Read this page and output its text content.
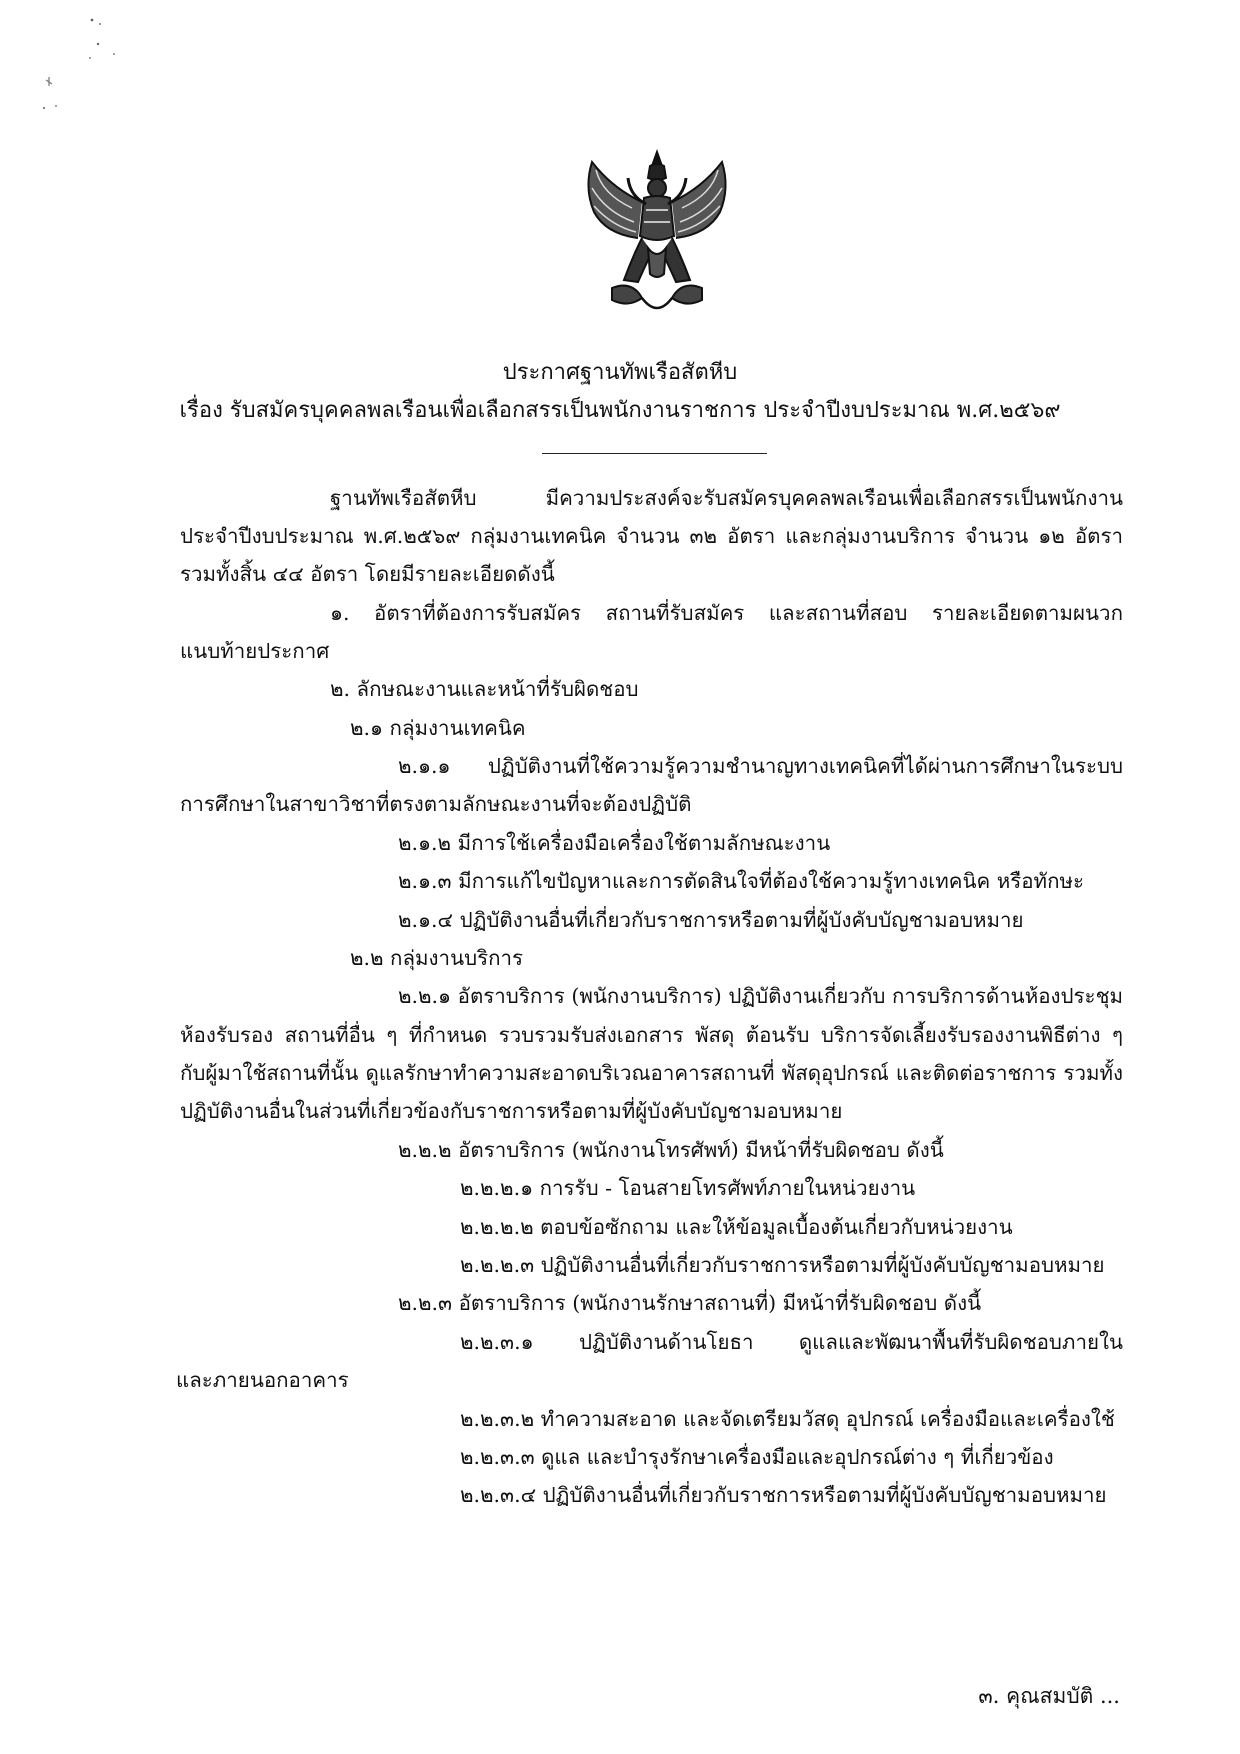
ประกาศฐานทัพเรือสัตหีบ
เรื่อง รับสมัครบุคคลพลเรือนเพื่อเลือกสรรเป็นพนักงานราชการ ประจำปีงบประมาณ พ.ศ.๒๕๖๙
ฐานทัพเรือสัตหีบ มีความประสงค์จะรับสมัครบุคคลพลเรือนเพื่อเลือกสรรเป็นพนักงาน
ประจำปีงบประมาณ พ.ศ.๒๕๖๙ กลุ่มงานเทคนิค จำนวน ๓๒ อัตรา และกลุ่มงานบริการ จำนวน ๑๒ อัตรา
รวมทั้งสิ้น ๔๔ อัตรา โดยมีรายละเอียดดังนี้
๑. อัตราที่ต้องการรับสมัคร สถานที่รับสมัคร และสถานที่สอบ รายละเอียดตามผนวก
แนบท้ายประกาศ
๒. ลักษณะงานและหน้าที่รับผิดชอบ
๒.๑ กลุ่มงานเทคนิค
๒.๑.๑ ปฏิบัติงานที่ใช้ความรู้ความชำนาญทางเทคนิคที่ได้ผ่านการศึกษาในระบบ
การศึกษาในสาขาวิชาที่ตรงตามลักษณะงานที่จะต้องปฏิบัติ
๒.๑.๒ มีการใช้เครื่องมือเครื่องใช้ตามลักษณะงาน
๒.๑.๓ มีการแก้ไขปัญหาและการตัดสินใจที่ต้องใช้ความรู้ทางเทคนิค หรือทักษะ
๒.๑.๔ ปฏิบัติงานอื่นที่เกี่ยวกับราชการหรือตามที่ผู้บังคับบัญชามอบหมาย
๒.๒ กลุ่มงานบริการ
๒.๒.๑ อัตราบริการ (พนักงานบริการ) ปฏิบัติงานเกี่ยวกับ การบริการด้านห้องประชุม
ห้องรับรอง สถานที่อื่น ๆ ที่กำหนด รวบรวมรับส่งเอกสาร พัสดุ ต้อนรับ บริการจัดเลี้ยงรับรองงานพิธีต่าง ๆ
กับผู้มาใช้สถานที่นั้น ดูแลรักษาทำความสะอาดบริเวณอาคารสถานที่ พัสดุอุปกรณ์ และติดต่อราชการ รวมทั้ง
ปฏิบัติงานอื่นในส่วนที่เกี่ยวข้องกับราชการหรือตามที่ผู้บังคับบัญชามอบหมาย
๒.๒.๒ อัตราบริการ (พนักงานโทรศัพท์) มีหน้าที่รับผิดชอบ ดังนี้
๒.๒.๒.๑ การรับ - โอนสายโทรศัพท์ภายในหน่วยงาน
๒.๒.๒.๒ ตอบข้อซักถาม และให้ข้อมูลเบื้องต้นเกี่ยวกับหน่วยงาน
๒.๒.๒.๓ ปฏิบัติงานอื่นที่เกี่ยวกับราชการหรือตามที่ผู้บังคับบัญชามอบหมาย
๒.๒.๓ อัตราบริการ (พนักงานรักษาสถานที่) มีหน้าที่รับผิดชอบ ดังนี้
๒.๒.๓.๑ ปฏิบัติงานด้านโยธา ดูแลและพัฒนาพื้นที่รับผิดชอบภายใน
และภายนอกอาคาร
๒.๒.๓.๒ ทำความสะอาด และจัดเตรียมวัสดุ อุปกรณ์ เครื่องมือและเครื่องใช้
๒.๒.๓.๓ ดูแล และบำรุงรักษาเครื่องมือและอุปกรณ์ต่าง ๆ ที่เกี่ยวข้อง
๒.๒.๓.๔ ปฏิบัติงานอื่นที่เกี่ยวกับราชการหรือตามที่ผู้บังคับบัญชามอบหมาย
๓. คุณสมบัติ ...
